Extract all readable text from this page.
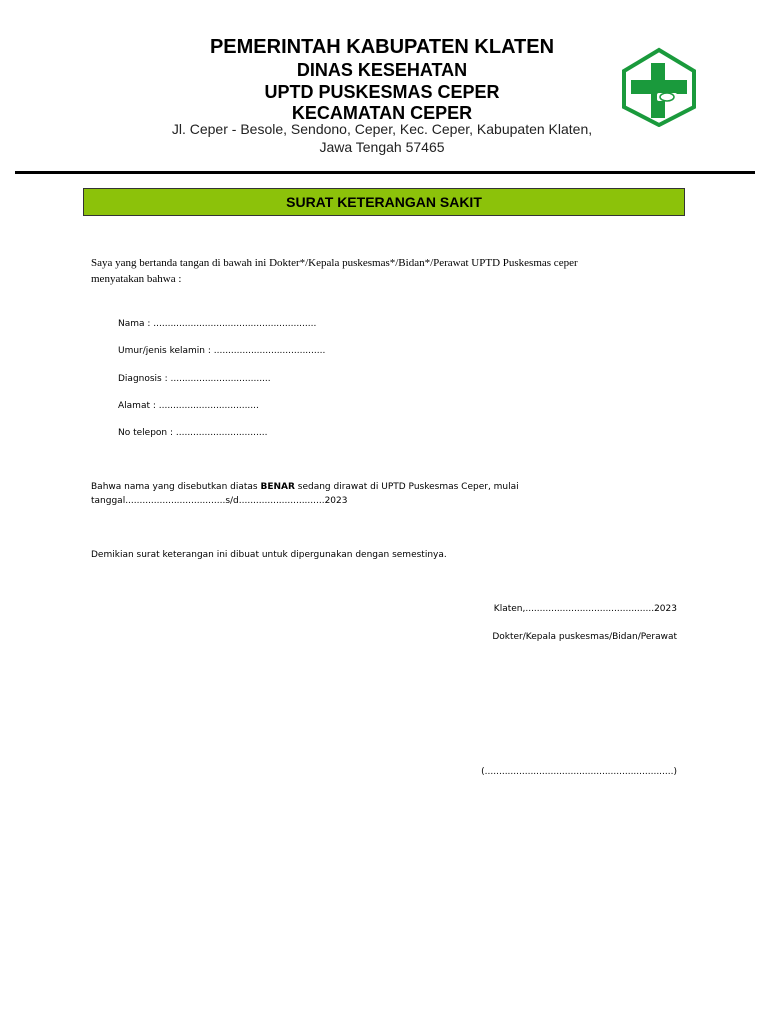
PEMERINTAH KABUPATEN KLATEN
DINAS KESEHATAN
UPTD PUSKESMAS CEPER
KECAMATAN CEPER
Jl. Ceper - Besole, Sendono, Ceper, Kec. Ceper, Kabupaten Klaten,
Jawa Tengah 57465
SURAT KETERANGAN SAKIT
Saya yang bertanda tangan di bawah ini Dokter*/Kepala puskesmas*/Bidan*/Perawat UPTD Puskesmas ceper
menyatakan bahwa :
Nama : .........................................................
Umur/jenis kelamin : .......................................
Diagnosis : ...................................
Alamat : ...................................
No telepon : ................................
Bahwa nama yang disebutkan diatas BENAR sedang dirawat di UPTD Puskesmas Ceper, mulai
tanggal...................................s/d..............................2023
Demikian surat keterangan ini dibuat untuk dipergunakan dengan semestinya.
Klaten,.............................................2023
Dokter/Kepala puskesmas/Bidan/Perawat
(..................................................................)
